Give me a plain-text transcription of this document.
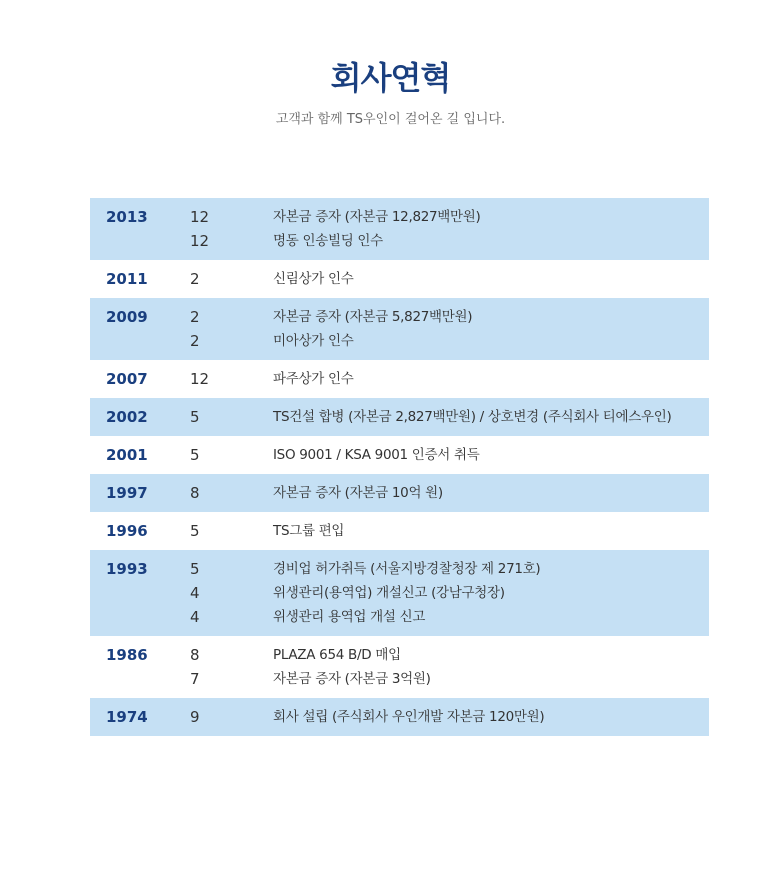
회사연혁
고객과 함께 TS우인이 걸어온 길 입니다.
2013	12	자본금 증자 (자본금 12,827백만원)
12	명동 인송빌딩 인수
2011	2	신림상가 인수
2009	2	자본금 증자 (자본금 5,827백만원)
2	미아상가 인수
2007	12	파주상가 인수
2002	5	TS건설 합병 (자본금 2,827백만원) / 상호변경 (주식회사 티에스우인)
2001	5	ISO 9001 / KSA 9001 인증서 취득
1997	8	자본금 증자 (자본금 10억 원)
1996	5	TS그룹 편입
1993	5	경비업 허가취득 (서울지방경찰청장 제 271호)
4	위생관리(용역업) 개설신고 (강남구청장)
4	위생관리 용역업 개설 신고
1986	8	PLAZA 654 B/D 매입
7	자본금 증자 (자본금 3억원)
1974	9	회사 설립 (주식회사 우인개발 자본금 120만원)
